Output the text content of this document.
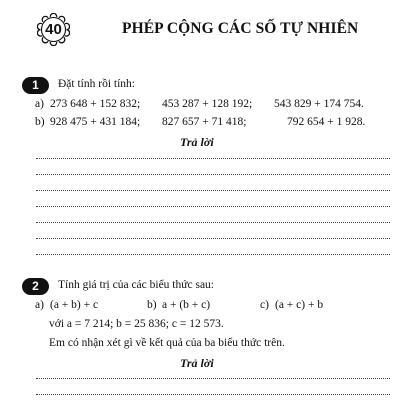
40	PHÉP CỘNG CÁC SỐ TỰ NHIÊN
1	Đặt tính rồi tính:
a) 273 648 + 152 832; 453 287 + 128 192; 543 829 + 174 754.
b) 928 475 + 431 184; 827 657 + 71 418;	792 654 + 1 928.
Trả lời
2	Tính giá trị của các biểu thức sau:
a) (a + b) + c	b) a + (b + c)	c) (a + c) + b
với a = 7 214; b = 25 836; c = 12 573.
Em có nhận xét gì về kết quả của ba biểu thức trên.
Trả lời
